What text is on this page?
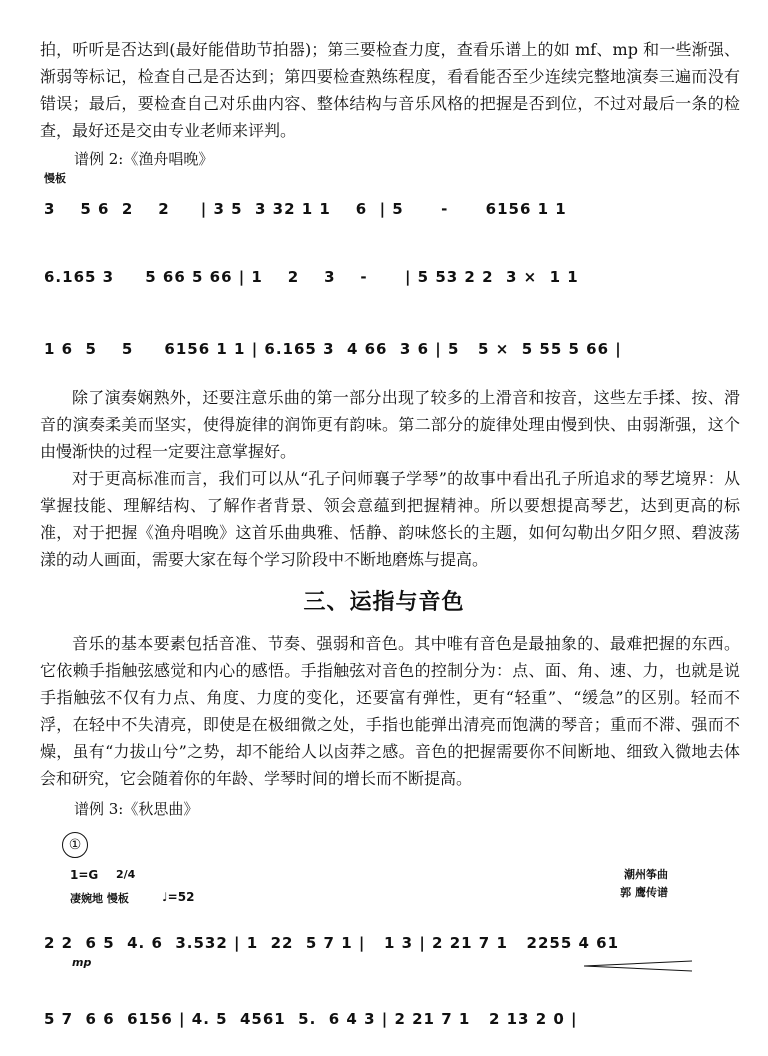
拍，听听是否达到(最好能借助节拍器)；第三要检查力度，查看乐谱上的如 mf、mp 和一些渐强、渐弱等标记，检查自己是否达到；第四要检查熟练程度，看看能否至少连续完整地演奏三遍而没有错误；最后，要检查自己对乐曲内容、整体结构与音乐风格的把握是否到位，不过对最后一条的检查，最好还是交由专业老师来评判。

谱例 2:《渔舟唱晚》
慢板
3    5 6  2    2     | 3 5  3 32 1 1    6  | 5      -      6156 1 1
6.165 3     5 66 5 66 | 1    2    3    -      | 5 53 2 2  3 ×  1 1
1 6  5    5     6156 1 1 | 6.165 3  4 66  3 6 | 5   5 ×  5 55 5 66 |

除了演奏娴熟外，还要注意乐曲的第一部分出现了较多的上滑音和按音，这些左手揉、按、滑音的演奏柔美而坚实，使得旋律的润饰更有韵味。第二部分的旋律处理由慢到快、由弱渐强，这个由慢渐快的过程一定要注意掌握好。

对于更高标准而言，我们可以从“孔子问师襄子学琴”的故事中看出孔子所追求的琴艺境界：从掌握技能、理解结构、了解作者背景、领会意蕴到把握精神。所以要想提高琴艺，达到更高的标准，对于把握《渔舟唱晚》这首乐曲典雅、恬静、韵味悠长的主题，如何勾勒出夕阳夕照、碧波荡漾的动人画面，需要大家在每个学习阶段中不断地磨炼与提高。

三、运指与音色

音乐的基本要素包括音准、节奏、强弱和音色。其中唯有音色是最抽象的、最难把握的东西。它依赖手指触弦感觉和内心的感悟。手指触弦对音色的控制分为：点、面、角、速、力，也就是说手指触弦不仅有力点、角度、力度的变化，还要富有弹性，更有“轻重”、“缓急”的区别。轻而不浮，在轻中不失清亮，即使是在极细微之处，手指也能弹出清亮而饱满的琴音；重而不滞、强而不燥，虽有“力拔山兮”之势，却不能给人以卤莽之感。音色的把握需要你不间断地、细致入微地去体会和研究，它会随着你的年龄、学琴时间的增长而不断提高。

谱例 3:《秋思曲》
①
1=G 2/4
凄婉地 慢板	♩=52
潮州筝曲
郭 鹰传谱
2 2  6 5  4. 6  3.532 | 1  22  5 7 1 |   1 3 | 2 21 7 1   2255 4 61
mp
5 7  6 6  6156 | 4. 5  4561  5.  6 4 3 | 2 21 7 1   2 13 2 0 |
